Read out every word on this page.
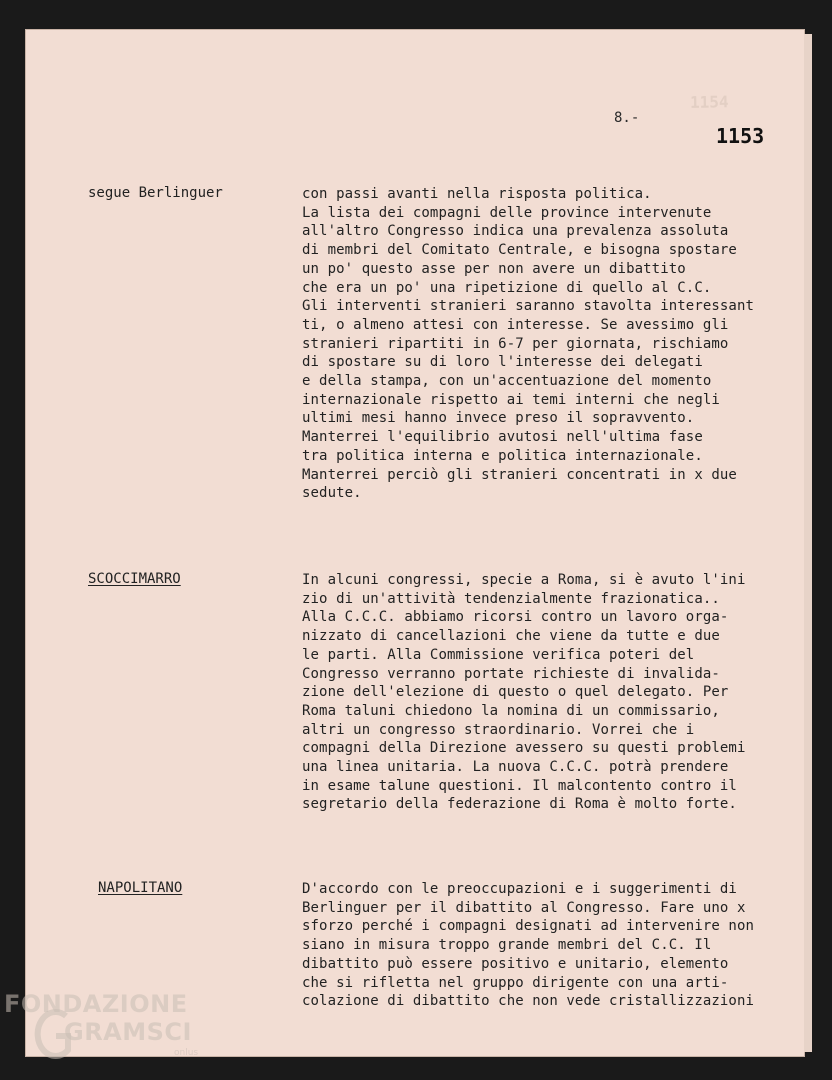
1154
8.-
1153
segue Berlinguer	con passi avanti nella risposta politica.
La lista dei compagni delle province intervenute
all'altro Congresso indica una prevalenza assoluta
di membri del Comitato Centrale, e bisogna spostare
un po' questo asse per non avere un dibattito
che era un po' una ripetizione di quello al C.C.
Gli interventi stranieri saranno stavolta interessant
ti, o almeno attesi con interesse. Se avessimo gli
stranieri ripartiti in 6-7 per giornata, rischiamo
di spostare su di loro l'interesse dei delegati
e della stampa, con un'accentuazione del momento
internazionale rispetto ai temi interni che negli
ultimi mesi hanno invece preso il sopravvento.
Manterrei l'equilibrio avutosi nell'ultima fase
tra politica interna e politica internazionale.
Manterrei perciò gli stranieri concentrati in x due
sedute.
SCOCCIMARRO	In alcuni congressi, specie a Roma, si è avuto l'ini
zio di un'attività tendenzialmente frazionatica..
Alla C.C.C. abbiamo ricorsi contro un lavoro orga-
nizzato di cancellazioni che viene da tutte e due
le parti. Alla Commissione verifica poteri del
Congresso verranno portate richieste di invalida-
zione dell'elezione di questo o quel delegato. Per
Roma taluni chiedono la nomina di un commissario,
altri un congresso straordinario. Vorrei che i
compagni della Direzione avessero su questi problemi
una linea unitaria. La nuova C.C.C. potrà prendere
in esame talune questioni. Il malcontento contro il
segretario della federazione di Roma è molto forte.
NAPOLITANO	D'accordo con le preoccupazioni e i suggerimenti di
Berlinguer per il dibattito al Congresso. Fare uno x
sforzo perché i compagni designati ad intervenire non
siano in misura troppo grande membri del C.C. Il
dibattito può essere positivo e unitario, elemento
che si rifletta nel gruppo dirigente con una arti-
colazione di dibattito che non vede cristallizzazioni
FONDAZIONE
GRAMSCI
onlus
